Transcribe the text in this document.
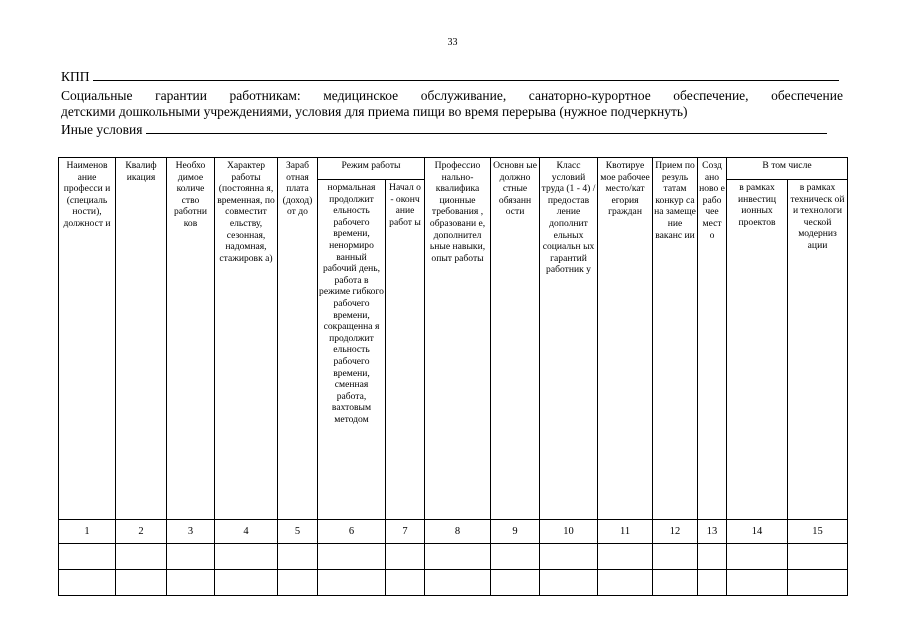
33
КПП
Социальные гарантии работникам: медицинское обслуживание, санаторно-курортное обеспечение, обеспечение
детскими дошкольными учреждениями, условия для приема пищи во время перерыва (нужное подчеркнуть)
Иные условия
Наименов ание професси и (специаль ности), должност и	Квалиф икация	Необхо димое количе ство работни ков	Характер работы (постоянна я, временная, по совместит ельству, сезонная, надомная, стажировк а)	Зараб отная плата (доход) от до	Режим работы		Професcио нально-квалифика ционные требования , образовани е, дополнител ьные навыки, опыт работы	Основн ые должно стные обязанн ости	Класс условий труда (1 - 4) / предостав ление дополнит ельных социальн ых гарантий работник у	Квотируе мое рабочее место/кат егория граждан	Прием по резуль татам конкур са на замеще ние ваканс ии	Созд ано ново е рабо чее мест о	В том числе	
					нормальная продолжит ельность рабочего времени, ненормиро ванный рабочий день, работа в режиме гибкого рабочего времени, сокращенна я продолжит ельность рабочего времени, сменная работа, вахтовым методом	Начал о - оконч ание работ ы							в рамках инвестиц ионных проектов	в рамках техническ ой и технологи ческой модерниз ации
1	2	3	4	5	6	7	8	9	10	11	12	13	14	15
